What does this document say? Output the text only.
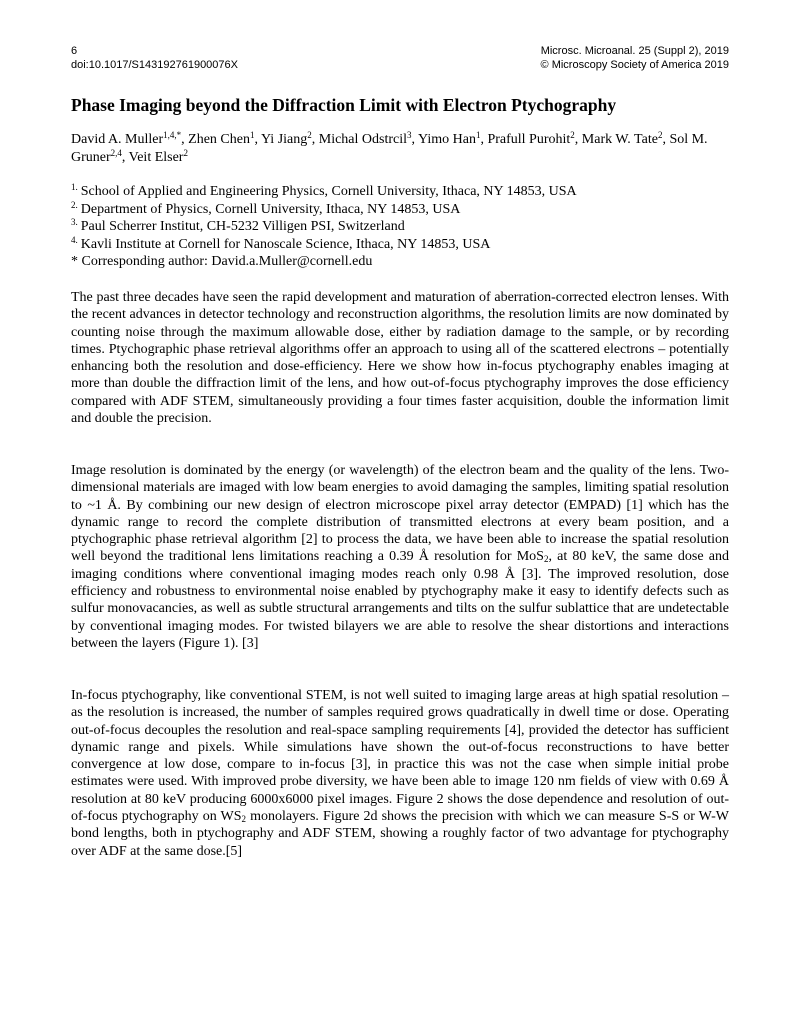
6	Microsc. Microanal. 25 (Suppl 2), 2019
doi:10.1017/S143192761900076X	© Microscopy Society of America 2019
Phase Imaging beyond the Diffraction Limit with Electron Ptychography
David A. Muller$^{1,4,*}$, Zhen Chen$^1$, Yi Jiang$^2$, Michal Odstrcil$^3$, Yimo Han$^1$, Prafull Purohit$^2$, Mark W. Tate$^2$, Sol M. Gruner$^{2,4}$, Veit Elser$^2$
$^{1.}$ School of Applied and Engineering Physics, Cornell University, Ithaca, NY 14853, USA
$^{2.}$ Department of Physics, Cornell University, Ithaca, NY 14853, USA
$^{3.}$ Paul Scherrer Institut, CH-5232 Villigen PSI, Switzerland
$^{4.}$ Kavli Institute at Cornell for Nanoscale Science, Ithaca, NY 14853, USA
* Corresponding author: David.a.Muller@cornell.edu
The past three decades have seen the rapid development and maturation of aberration-corrected electron lenses. With the recent advances in detector technology and reconstruction algorithms, the resolution limits are now dominated by counting noise through the maximum allowable dose, either by radiation damage to the sample, or by recording times. Ptychographic phase retrieval algorithms offer an approach to using all of the scattered electrons – potentially enhancing both the resolution and dose-efficiency. Here we show how in-focus ptychography enables imaging at more than double the diffraction limit of the lens, and how out-of-focus ptychography improves the dose efficiency compared with ADF STEM, simultaneously providing a four times faster acquisition, double the information limit and double the precision.
Image resolution is dominated by the energy (or wavelength) of the electron beam and the quality of the lens. Two-dimensional materials are imaged with low beam energies to avoid damaging the samples, limiting spatial resolution to ~1 Å. By combining our new design of electron microscope pixel array detector (EMPAD) [1] which has the dynamic range to record the complete distribution of transmitted electrons at every beam position, and a ptychographic phase retrieval algorithm [2] to process the data, we have been able to increase the spatial resolution well beyond the traditional lens limitations reaching a 0.39 Å resolution for MoS$_2$, at 80 keV, the same dose and imaging conditions where conventional imaging modes reach only 0.98 Å [3]. The improved resolution, dose efficiency and robustness to environmental noise enabled by ptychography make it easy to identify defects such as sulfur monovacancies, as well as subtle structural arrangements and tilts on the sulfur sublattice that are undetectable by conventional imaging modes. For twisted bilayers we are able to resolve the shear distortions and interactions between the layers (Figure 1). [3]
In-focus ptychography, like conventional STEM, is not well suited to imaging large areas at high spatial resolution – as the resolution is increased, the number of samples required grows quadratically in dwell time or dose. Operating out-of-focus decouples the resolution and real-space sampling requirements [4], provided the detector has sufficient dynamic range and pixels. While simulations have shown the out-of-focus reconstructions to have better convergence at low dose, compare to in-focus [3], in practice this was not the case when simple initial probe estimates were used. With improved probe diversity, we have been able to image 120 nm fields of view with 0.69 Å resolution at 80 keV producing 6000x6000 pixel images. Figure 2 shows the dose dependence and resolution of out-of-focus ptychography on $WS_2$ monolayers. Figure 2d shows the precision with which we can measure S-S or W-W bond lengths, both in ptychography and ADF STEM, showing a roughly factor of two advantage for ptychography over ADF at the same dose.[5]
